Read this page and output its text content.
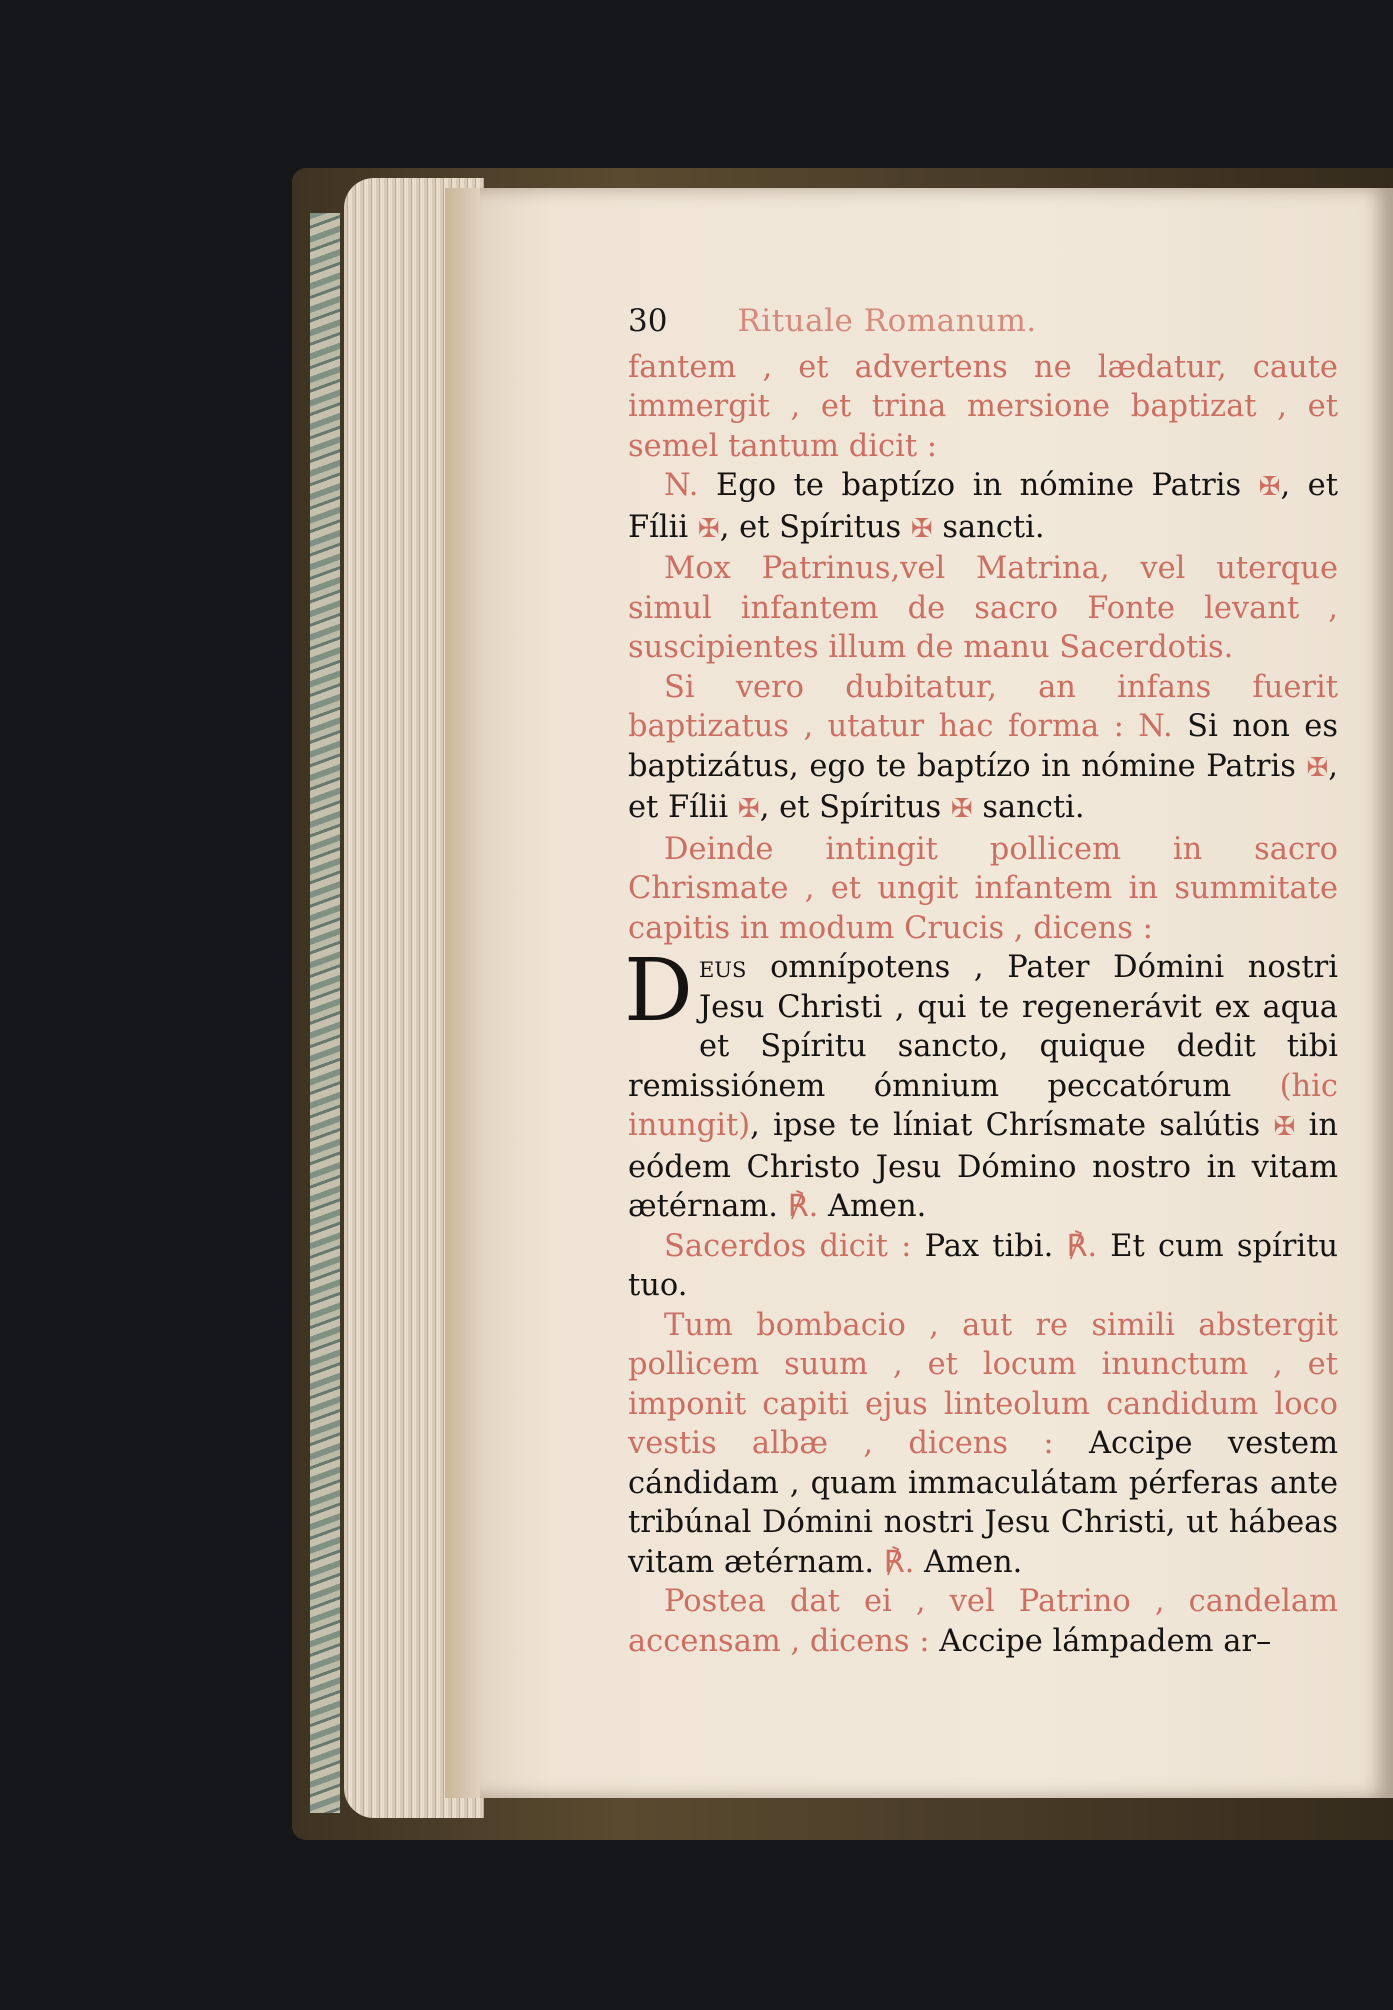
30 Rituale Romanum.

fantem , et advertens ne lædatur, caute immergit , et trina mersione baptizat , et semel tantum dicit :

N. Ego te baptízo in nómine Patris ✠, et Fílii ✠, et Spíritus ✠ sancti.

Mox Patrinus,vel Matrina, vel uterque simul infantem de sacro Fonte levant , suscipientes illum de manu Sacerdotis.

Si vero dubitatur, an infans fuerit baptizatus , utatur hac forma : N. Si non es baptizátus, ego te baptízo in nómine Patris ✠, et Fílii ✠, et Spíritus ✠ sancti.

Deinde intingit pollicem in sacro Chrismate , et ungit infantem in summitate capitis in modum Crucis , dicens :

Deus omnípotens , Pater Dómini nostri Jesu Christi , qui te regenerávit ex aqua et Spíritu sancto, quique dedit tibi remissiónem ómnium peccatórum (hic inungit), ipse te líniat Chrísmate salútis ✠ in eódem Christo Jesu Dómino nostro in vitam ætérnam. ℟. Amen.

Sacerdos dicit : Pax tibi. ℟. Et cum spíritu tuo.

Tum bombacio , aut re simili abstergit pollicem suum , et locum inunctum , et imponit capiti ejus linteolum candidum loco vestis albæ , dicens : Accipe vestem cándidam , quam immaculátam pérferas ante tribúnal Dómini nostri Jesu Christi, ut hábeas vitam ætérnam. ℟. Amen.

Postea dat ei , vel Patrino , candelam accensam , dicens : Accipe lámpadem ar–
